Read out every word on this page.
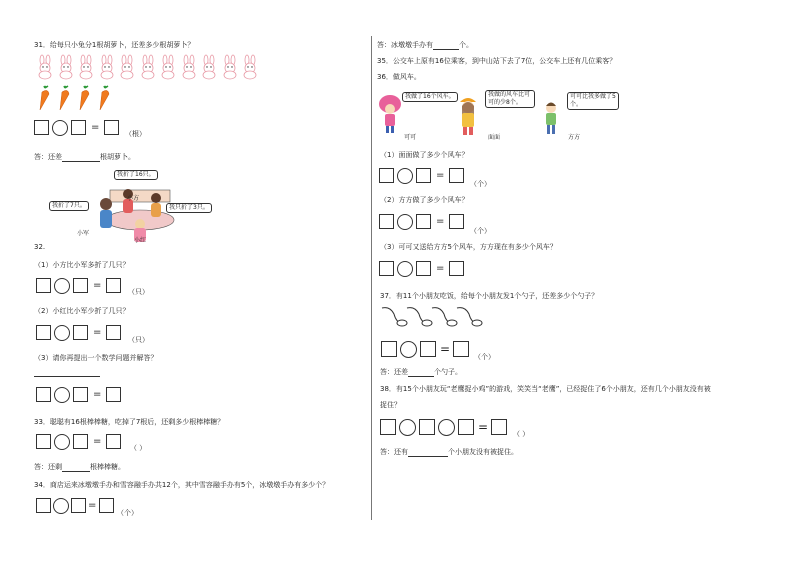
31．给每只小兔分1根胡萝卜，还差多少根胡萝卜？
=
（根）
答：还差	根胡萝卜。
我折了16只。
我折了7只。	我只折了3只。
小方
小军
小红
32.
（1）小方比小军多折了几只？
=
（只）
（2）小红比小军少折了几只？
=
（只）
（3）请你再提出一个数学问题并解答？
=
33．聪聪有16根棒棒糖，吃掉了7根后，还剩多少根棒棒糖？
=
（ ）
答：还剩	根棒棒糖。
34．商店运来冰墩墩手办和雪容融手办共12个，其中雪容融手办有5个，冰墩墩手办有多少个？
=
（个）
答：冰墩墩手办有	个。
35．公交车上原有16位乘客，到中山站下去了7位，公交车上还有几位乘客？
36．做风车。
我做了16个风车。	我做的风车比可可的少8个。
可可比我多做了5个。
可可	面面	方方
（1）面面做了多少个风车？
=
（个）
（2）方方做了多少个风车？
=
（个）
（3）可可又送给方方5个风车，方方现在有多少个风车？
=
37．有11个小朋友吃饭，给每个小朋友发1个勺子，还差多少个勺子？
=
（个）
答：还差	个勺子。
38．有15个小朋友玩“老鹰捉小鸡”的游戏，笑笑当“老鹰”，已经捉住了6个小朋友，还有几个小朋友没有被
捉住？
=	（ ）
答：还有	个小朋友没有被捉住。
